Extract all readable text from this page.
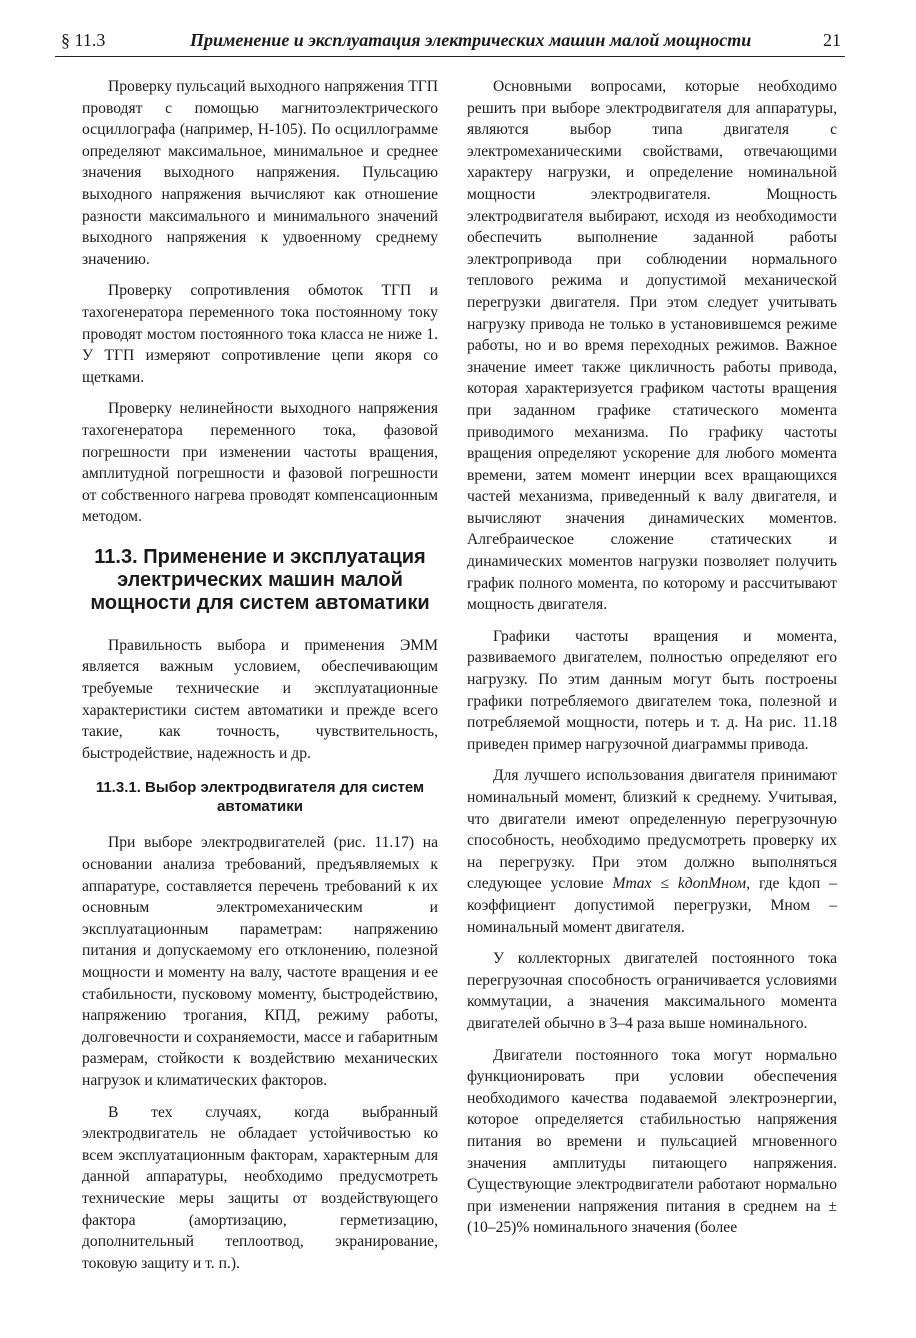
§ 11.3	Применение и эксплуатация электрических машин малой мощности	21

Проверку пульсаций выходного напряжения ТГП проводят с помощью магнитоэлектрического осциллографа (например, Н-105). По осциллограмме определяют максимальное, минимальное и среднее значения выходного напряжения. Пульсацию выходного напряжения вычисляют как отношение разности максимального и минимального значений выходного напряжения к удвоенному среднему значению.

Проверку сопротивления обмоток ТГП и тахогенератора переменного тока постоянному току проводят мостом постоянного тока класса не ниже 1. У ТГП измеряют сопротивление цепи якоря со щетками.

Проверку нелинейности выходного напряжения тахогенератора переменного тока, фазовой погрешности при изменении частоты вращения, амплитудной погрешности и фазовой погрешности от собственного нагрева проводят компенсационным методом.

11.3. Применение и эксплуатация электрических машин малой мощности для систем автоматики

Правильность выбора и применения ЭММ является важным условием, обеспечивающим требуемые технические и эксплуатационные характеристики систем автоматики и прежде всего такие, как точность, чувствительность, быстродействие, надежность и др.

11.3.1. Выбор электродвигателя для систем автоматики

При выборе электродвигателей (рис. 11.17) на основании анализа требований, предъявляемых к аппаратуре, составляется перечень требований к их основным электромеханическим и эксплуатационным параметрам: напряжению питания и допускаемому его отклонению, полезной мощности и моменту на валу, частоте вращения и ее стабильности, пусковому моменту, быстродействию, напряжению трогания, КПД, режиму работы, долговечности и сохраняемости, массе и габаритным размерам, стойкости к воздействию механических нагрузок и климатических факторов.

В тех случаях, когда выбранный электродвигатель не обладает устойчивостью ко всем эксплуатационным факторам, характерным для данной аппаратуры, необходимо предусмотреть технические меры защиты от воздействующего фактора (амортизацию, герметизацию, дополнительный теплоотвод, экранирование, токовую защиту и т. п.).

Основными вопросами, которые необходимо решить при выборе электродвигателя для аппаратуры, являются выбор типа двигателя с электромеханическими свойствами, отвечающими характеру нагрузки, и определение номинальной мощности электродвигателя. Мощность электродвигателя выбирают, исходя из необходимости обеспечить выполнение заданной работы электропривода при соблюдении нормального теплового режима и допустимой механической перегрузки двигателя. При этом следует учитывать нагрузку привода не только в установившемся режиме работы, но и во время переходных режимов. Важное значение имеет также цикличность работы привода, которая характеризуется графиком частоты вращения при заданном графике статического момента приводимого механизма. По графику частоты вращения определяют ускорение для любого момента времени, затем момент инерции всех вращающихся частей механизма, приведенный к валу двигателя, и вычисляют значения динамических моментов. Алгебраическое сложение статических и динамических моментов нагрузки позволяет получить график полного момента, по которому и рассчитывают мощность двигателя.

Графики частоты вращения и момента, развиваемого двигателем, полностью определяют его нагрузку. По этим данным могут быть построены графики потребляемого двигателем тока, полезной и потребляемой мощности, потерь и т. д. На рис. 11.18 приведен пример нагрузочной диаграммы привода.

Для лучшего использования двигателя принимают номинальный момент, близкий к среднему. Учитывая, что двигатели имеют определенную перегрузочную способность, необходимо предусмотреть проверку их на перегрузку. При этом должно выполняться следующее условие Mmax ≤ kдопMном, где kдоп – коэффициент допустимой перегрузки, Mном – номинальный момент двигателя.

У коллекторных двигателей постоянного тока перегрузочная способность ограничивается условиями коммутации, а значения максимального момента двигателей обычно в 3–4 раза выше номинального.

Двигатели постоянного тока могут нормально функционировать при условии обеспечения необходимого качества подаваемой электроэнергии, которое определяется стабильностью напряжения питания во времени и пульсацией мгновенного значения амплитуды питающего напряжения. Существующие электродвигатели работают нормально при изменении напряжения питания в среднем на ±(10–25)% номинального значения (более
